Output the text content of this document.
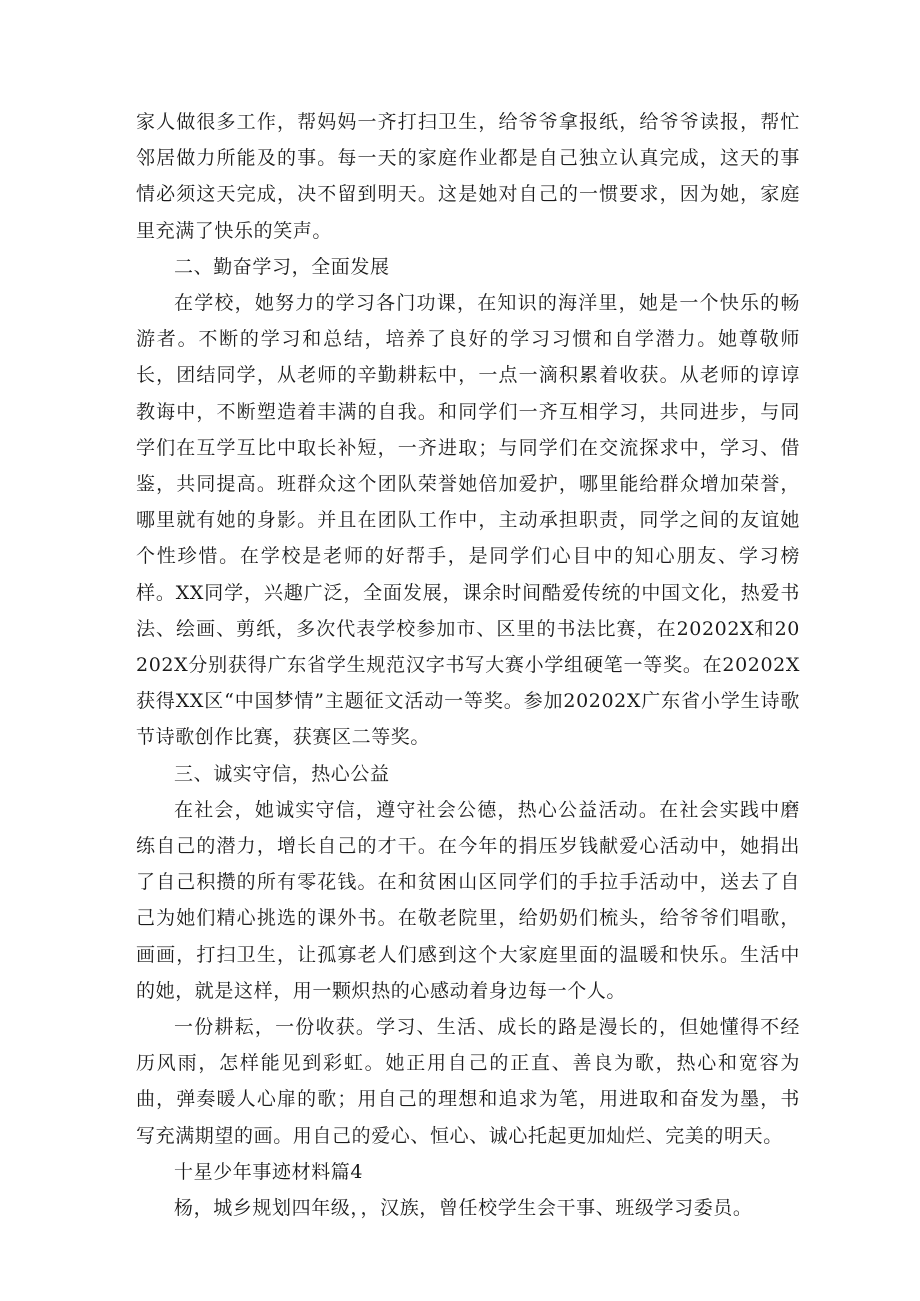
家人做很多工作，帮妈妈一齐打扫卫生，给爷爷拿报纸，给爷爷读报，帮忙邻居做力所能及的事。每一天的家庭作业都是自己独立认真完成，这天的事情必须这天完成，决不留到明天。这是她对自己的一惯要求，因为她，家庭里充满了快乐的笑声。

二、勤奋学习，全面发展

在学校，她努力的学习各门功课，在知识的海洋里，她是一个快乐的畅游者。不断的学习和总结，培养了良好的学习习惯和自学潜力。她尊敬师长，团结同学，从老师的辛勤耕耘中，一点一滴积累着收获。从老师的谆谆教诲中，不断塑造着丰满的自我。和同学们一齐互相学习，共同进步，与同学们在互学互比中取长补短，一齐进取；与同学们在交流探求中，学习、借鉴，共同提高。班群众这个团队荣誉她倍加爱护，哪里能给群众增加荣誉，哪里就有她的身影。并且在团队工作中，主动承担职责，同学之间的友谊她个性珍惜。在学校是老师的好帮手，是同学们心目中的知心朋友、学习榜样。XX同学，兴趣广泛，全面发展，课余时间酷爱传统的中国文化，热爱书法、绘画、剪纸，多次代表学校参加市、区里的书法比赛，在20202X和20202X分别获得广东省学生规范汉字书写大赛小学组硬笔一等奖。在20202X获得XX区“中国梦情”主题征文活动一等奖。参加20202X广东省小学生诗歌节诗歌创作比赛，获赛区二等奖。

三、诚实守信，热心公益

在社会，她诚实守信，遵守社会公德，热心公益活动。在社会实践中磨练自己的潜力，增长自己的才干。在今年的捐压岁钱献爱心活动中，她捐出了自己积攒的所有零花钱。在和贫困山区同学们的手拉手活动中，送去了自己为她们精心挑选的课外书。在敬老院里，给奶奶们梳头，给爷爷们唱歌，画画，打扫卫生，让孤寡老人们感到这个大家庭里面的温暖和快乐。生活中的她，就是这样，用一颗炽热的心感动着身边每一个人。

一份耕耘，一份收获。学习、生活、成长的路是漫长的，但她懂得不经历风雨，怎样能见到彩虹。她正用自己的正直、善良为歌，热心和宽容为曲，弹奏暖人心扉的歌；用自己的理想和追求为笔，用进取和奋发为墨，书写充满期望的画。用自己的爱心、恒心、诚心托起更加灿烂、完美的明天。

十星少年事迹材料篇4

杨，城乡规划四年级，，汉族，曾任校学生会干事、班级学习委员。
